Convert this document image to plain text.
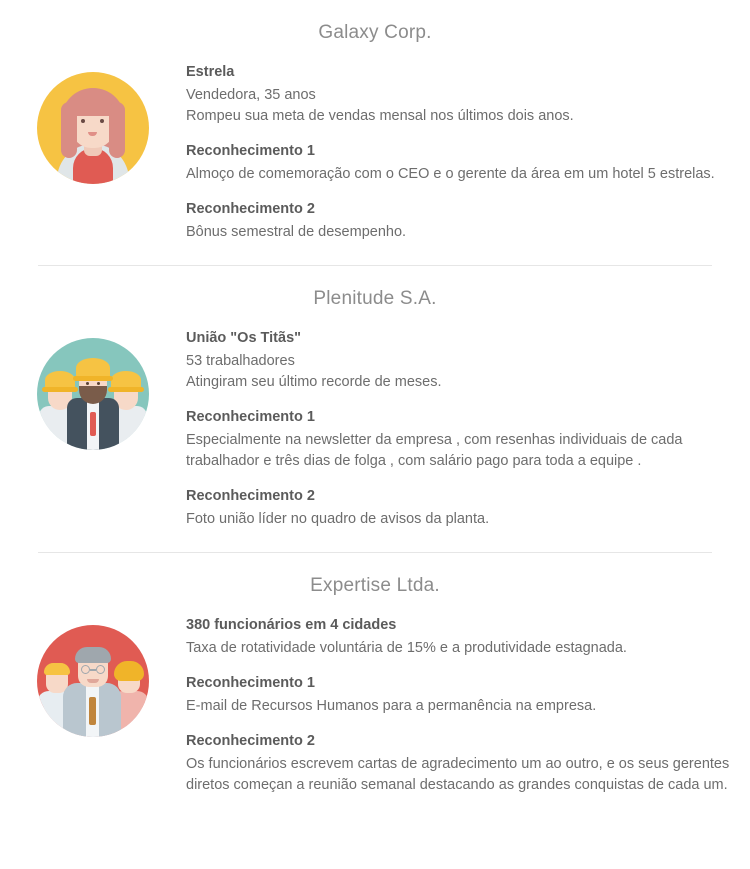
Galaxy Corp.

Estrela

Vendedora, 35 anos

Rompeu sua meta de vendas mensal nos últimos dois anos.

Reconhecimento 1

Almoço de comemoração com o CEO e o gerente da área em um hotel 5 estrelas.

Reconhecimento 2

Bônus semestral de desempenho.

Plenitude S.A.

União "Os Titãs"

53 trabalhadores

Atingiram seu último recorde de meses.

Reconhecimento 1

Especialmente na newsletter da empresa , com resenhas individuais de cada trabalhador e três dias de folga , com salário pago para toda a equipe .

Reconhecimento 2

Foto união líder no quadro de avisos da planta.

Expertise Ltda.

380 funcionários em 4 cidades

Taxa de rotatividade voluntária de 15% e a produtividade estagnada.

Reconhecimento 1

E-mail de Recursos Humanos para a permanência na empresa.

Reconhecimento 2

Os funcionários escrevem cartas de agradecimento um ao outro, e os seus gerentes diretos começan a reunião semanal destacando as grandes conquistas de cada um.
